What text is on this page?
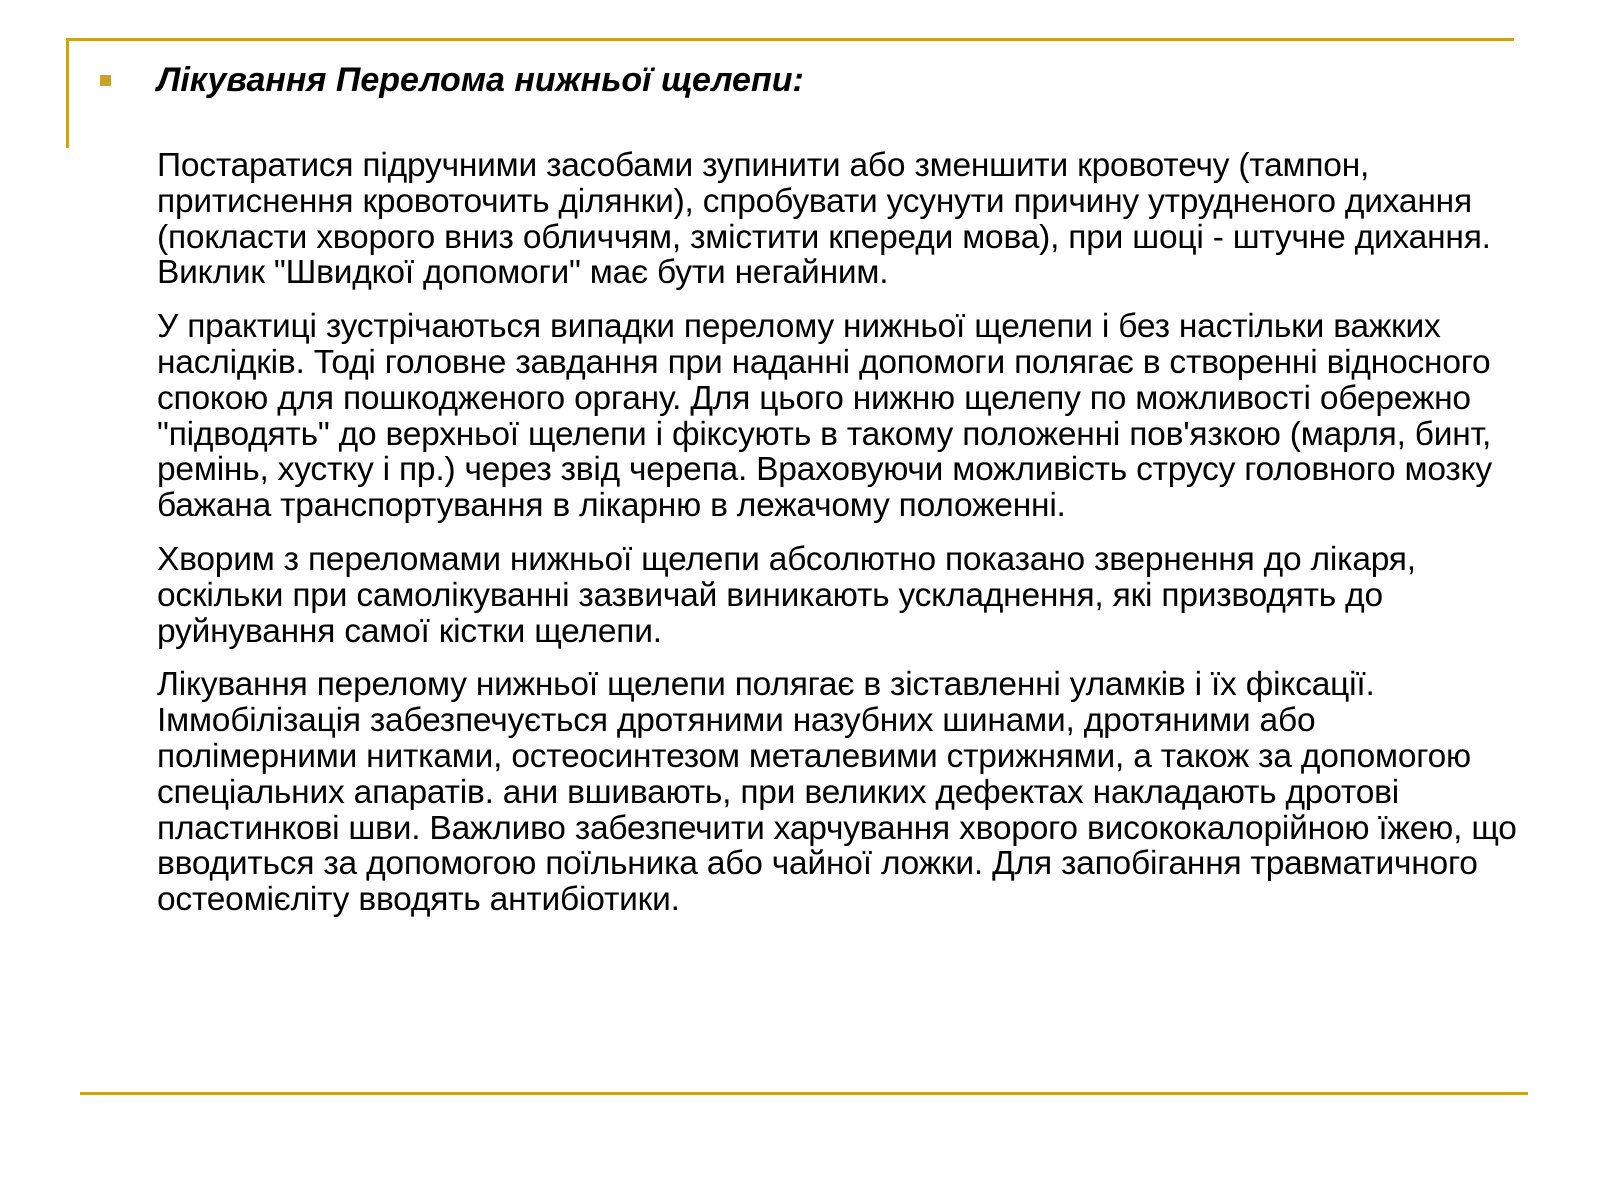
Лікування Перелома нижньої щелепи:

Постаратися підручними засобами зупинити або зменшити кровотечу (тампон, притиснення кровоточить ділянки), спробувати усунути причину утрудненого дихання (покласти хворого вниз обличчям, змістити кпереди мова), при шоці - штучне дихання. Виклик "Швидкої допомоги" має бути негайним.

У практиці зустрічаються випадки перелому нижньої щелепи і без настільки важких наслідків. Тоді головне завдання при наданні допомоги полягає в створенні відносного спокою для пошкодженого органу. Для цього нижню щелепу по можливості обережно "підводять" до верхньої щелепи і фіксують в такому положенні пов'язкою (марля, бинт, ремінь, хустку і пр.) через звід черепа. Враховуючи можливість струсу головного мозку бажана транспортування в лікарню в лежачому положенні.

Хворим з переломами нижньої щелепи абсолютно показано звернення до лікаря, оскільки при самолікуванні зазвичай виникають ускладнення, які призводять до руйнування самої кістки щелепи.

Лікування перелому нижньої щелепи полягає в зіставленні уламків і їх фіксації. Іммобілізація забезпечується дротяними назубних шинами, дротяними або полімерними нитками, остеосинтезом металевими стрижнями, а також за допомогою спеціальних апаратів. ани вшивають, при великих дефектах накладають дротові пластинкові шви. Важливо забезпечити харчування хворого висококалорійною їжею, що вводиться за допомогою поїльника або чайної ложки. Для запобігання травматичного остеомієліту вводять антибіотики.
